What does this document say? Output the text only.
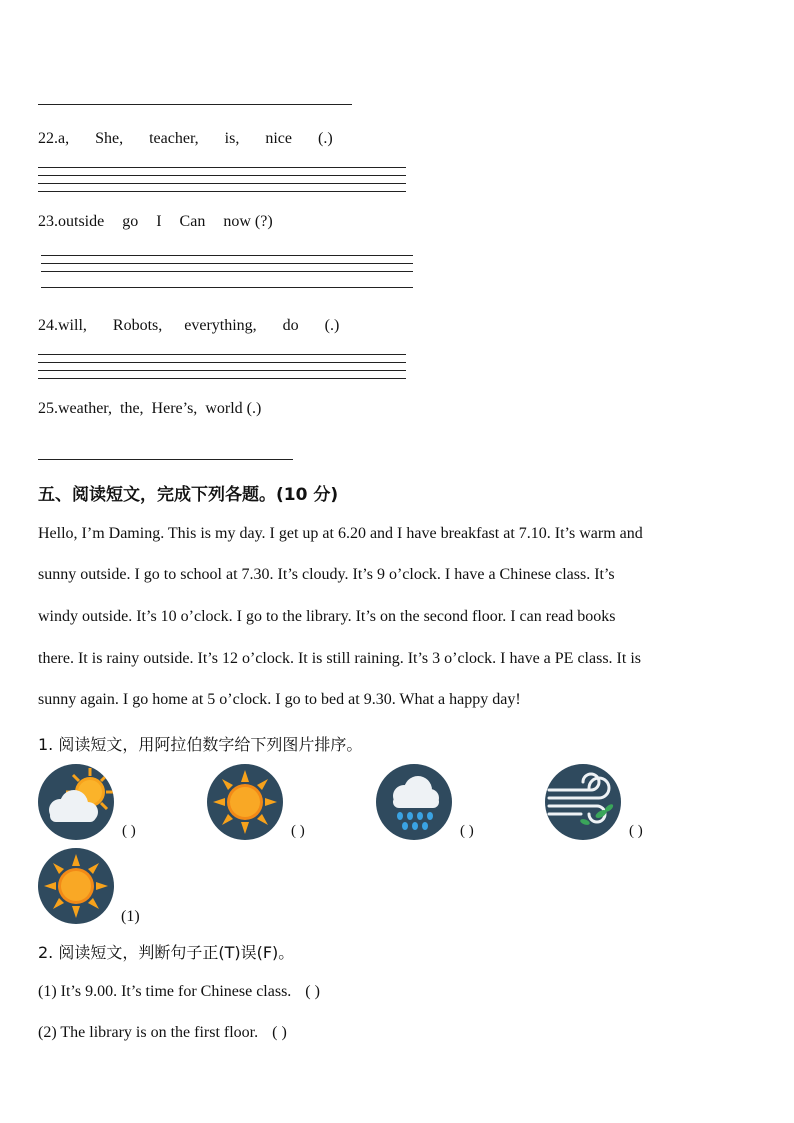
22.a, She, teacher, is, nice (.)
23.outside go I Can now (?)
24.will, Robots, everything, do (.)
25.weather, the, Here’s, world (.)
五、阅读短文，完成下列各题。(10 分)
Hello, I’m Daming. This is my day. I get up at 6.20 and I have breakfast at 7.10. It’s warm and
sunny outside. I go to school at 7.30. It’s cloudy. It’s 9 o’clock. I have a Chinese class. It’s
windy outside. It’s 10 o’clock. I go to the library. It’s on the second floor. I can read books
there. It is rainy outside. It’s 12 o’clock. It is still raining. It’s 3 o’clock. I have a PE class. It is
sunny again. I go home at 5 o’clock. I go to bed at 9.30. What a happy day!
1. 阅读短文，用阿拉伯数字给下列图片排序。
( )	( )	( )	( )
(1)
2. 阅读短文，判断句子正(T)误(F)。
(1) It’s 9.00. It’s time for Chinese class. ( )
(2) The library is on the first floor. ( )
